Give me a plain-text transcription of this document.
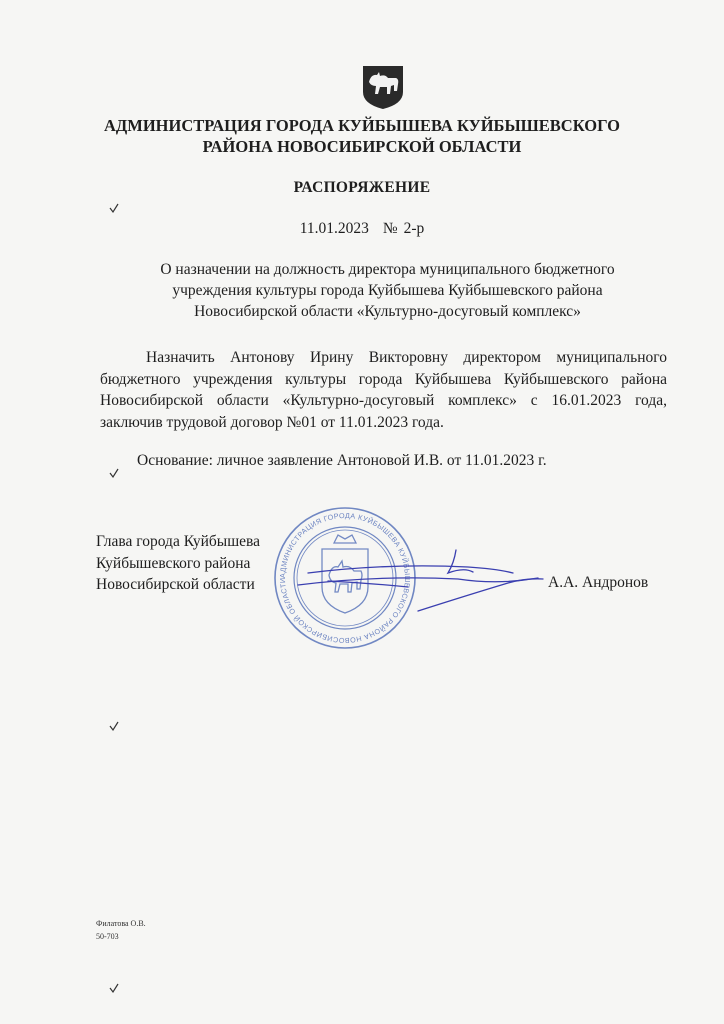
АДМИНИСТРАЦИЯ ГОРОДА КУЙБЫШЕВА КУЙБЫШЕВСКОГО
РАЙОНА НОВОСИБИРСКОЙ ОБЛАСТИ
РАСПОРЯЖЕНИЕ
11.01.2023 № 2-р
О назначении на должность директора муниципального бюджетного
учреждения культуры города Куйбышева Куйбышевского района
Новосибирской области «Культурно-досуговый комплекс»
Назначить Антонову Ирину Викторовну директором муниципального бюджетного учреждения культуры города Куйбышева Куйбышевского района Новосибирской области «Культурно-досуговый комплекс» с 16.01.2023 года, заключив трудовой договор №01 от 11.01.2023 года.
Основание: личное заявление Антоновой И.В. от 11.01.2023 г.
Глава города Куйбышева
Куйбышевского района
Новосибирской области	А.А. Андронов
АДМИНИСТРАЦИЯ ГОРОДА КУЙБЫШЕВА КУЙБЫШЕВСКОГО РАЙОНА НОВОСИБИРСКОЙ ОБЛАСТИ
Филатова О.В.
50-703
